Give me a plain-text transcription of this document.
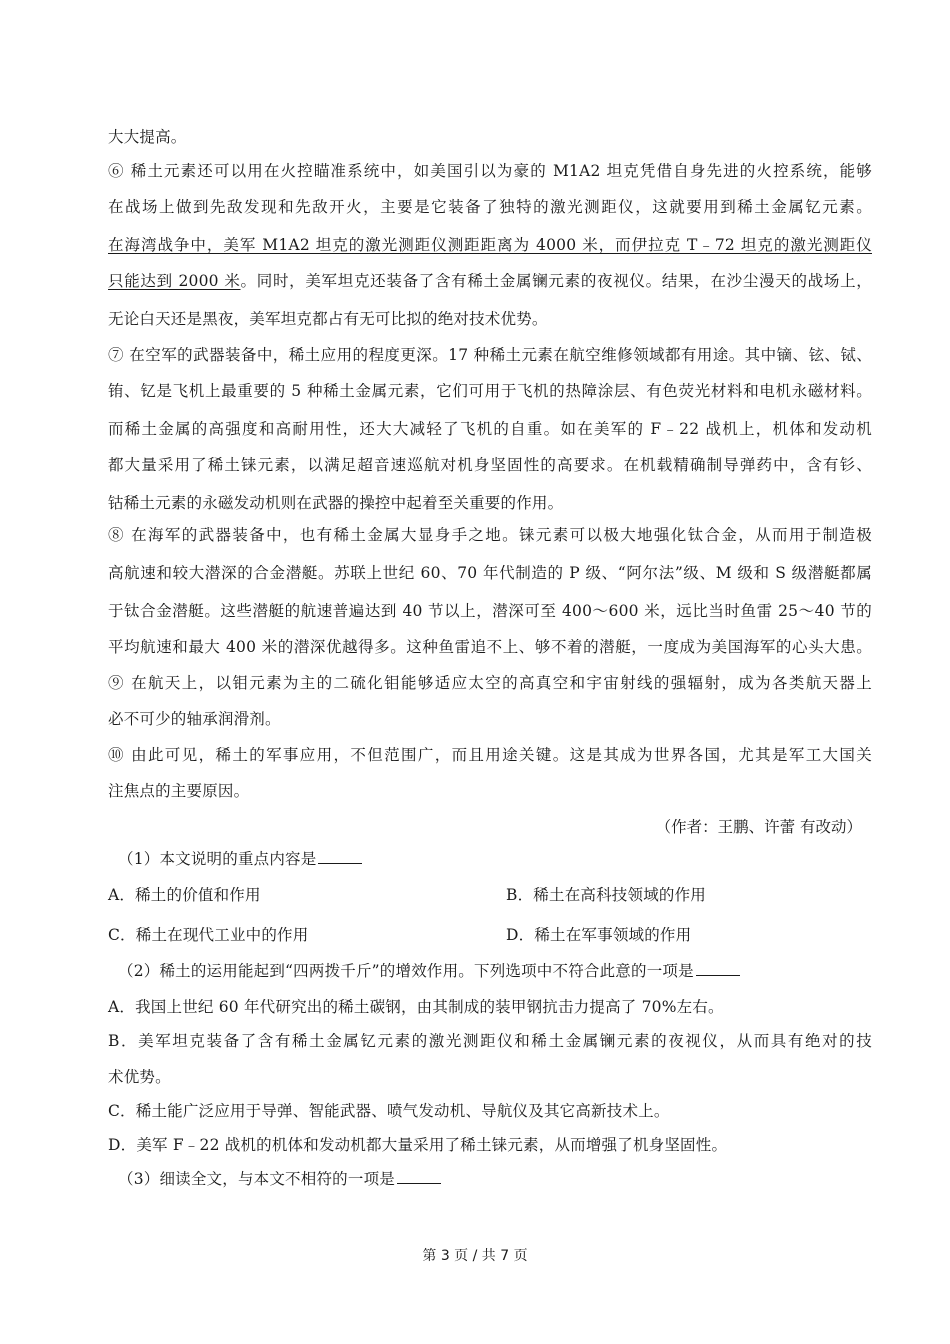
大大提高。
⑥ 稀土元素还可以用在火控瞄准系统中，如美国引以为豪的 M1A2 坦克凭借自身先进的火控系统，能够
在战场上做到先敌发现和先敌开火，主要是它装备了独特的激光测距仪，这就要用到稀土金属钇元素。
在海湾战争中，美军 M1A2 坦克的激光测距仪测距距离为 4000 米，而伊拉克 T﹣72 坦克的激光测距仪
只能达到 2000 米。同时，美军坦克还装备了含有稀土金属镧元素的夜视仪。结果，在沙尘漫天的战场上，
无论白天还是黑夜，美军坦克都占有无可比拟的绝对技术优势。
⑦ 在空军的武器装备中，稀土应用的程度更深。17 种稀土元素在航空维修领域都有用途。其中镝、铉、铽、
铕、钇是飞机上最重要的 5 种稀土金属元素，它们可用于飞机的热障涂层、有色荧光材料和电机永磁材料。
而稀土金属的高强度和高耐用性，还大大减轻了飞机的自重。如在美军的 F﹣22 战机上，机体和发动机
都大量采用了稀土铼元素，以满足超音速巡航对机身坚固性的高要求。在机载精确制导弹药中，含有钐、
钴稀土元素的永磁发动机则在武器的操控中起着至关重要的作用。
⑧ 在海军的武器装备中，也有稀土金属大显身手之地。铼元素可以极大地强化钛合金，从而用于制造极
高航速和较大潜深的合金潜艇。苏联上世纪 60、70 年代制造的 P 级、“阿尔法”级、M 级和 S 级潜艇都属
于钛合金潜艇。这些潜艇的航速普遍达到 40 节以上，潜深可至 400～600 米，远比当时鱼雷 25～40 节的
平均航速和最大 400 米的潜深优越得多。这种鱼雷追不上、够不着的潜艇，一度成为美国海军的心头大患。
⑨ 在航天上，以钼元素为主的二硫化钼能够适应太空的高真空和宇宙射线的强辐射，成为各类航天器上
必不可少的轴承润滑剂。
⑩ 由此可见，稀土的军事应用，不但范围广，而且用途关键。这是其成为世界各国，尤其是军工大国关
注焦点的主要原因。
（作者：王鹏、许蕾 有改动）
（1）本文说明的重点内容是
A．稀土的价值和作用	B．稀土在高科技领域的作用
C．稀土在现代工业中的作用	D．稀土在军事领域的作用
（2）稀土的运用能起到“四两拨千斤”的增效作用。下列选项中不符合此意的一项是
A．我国上世纪 60 年代研究出的稀土碳钢，由其制成的装甲钢抗击力提高了 70%左右。
B．美军坦克装备了含有稀土金属钇元素的激光测距仪和稀土金属镧元素的夜视仪，从而具有绝对的技
术优势。
C．稀土能广泛应用于导弹、智能武器、喷气发动机、导航仪及其它高新技术上。
D．美军 F﹣22 战机的机体和发动机都大量采用了稀土铼元素，从而增强了机身坚固性。
（3）细读全文，与本文不相符的一项是
第 3 页 / 共 7 页
